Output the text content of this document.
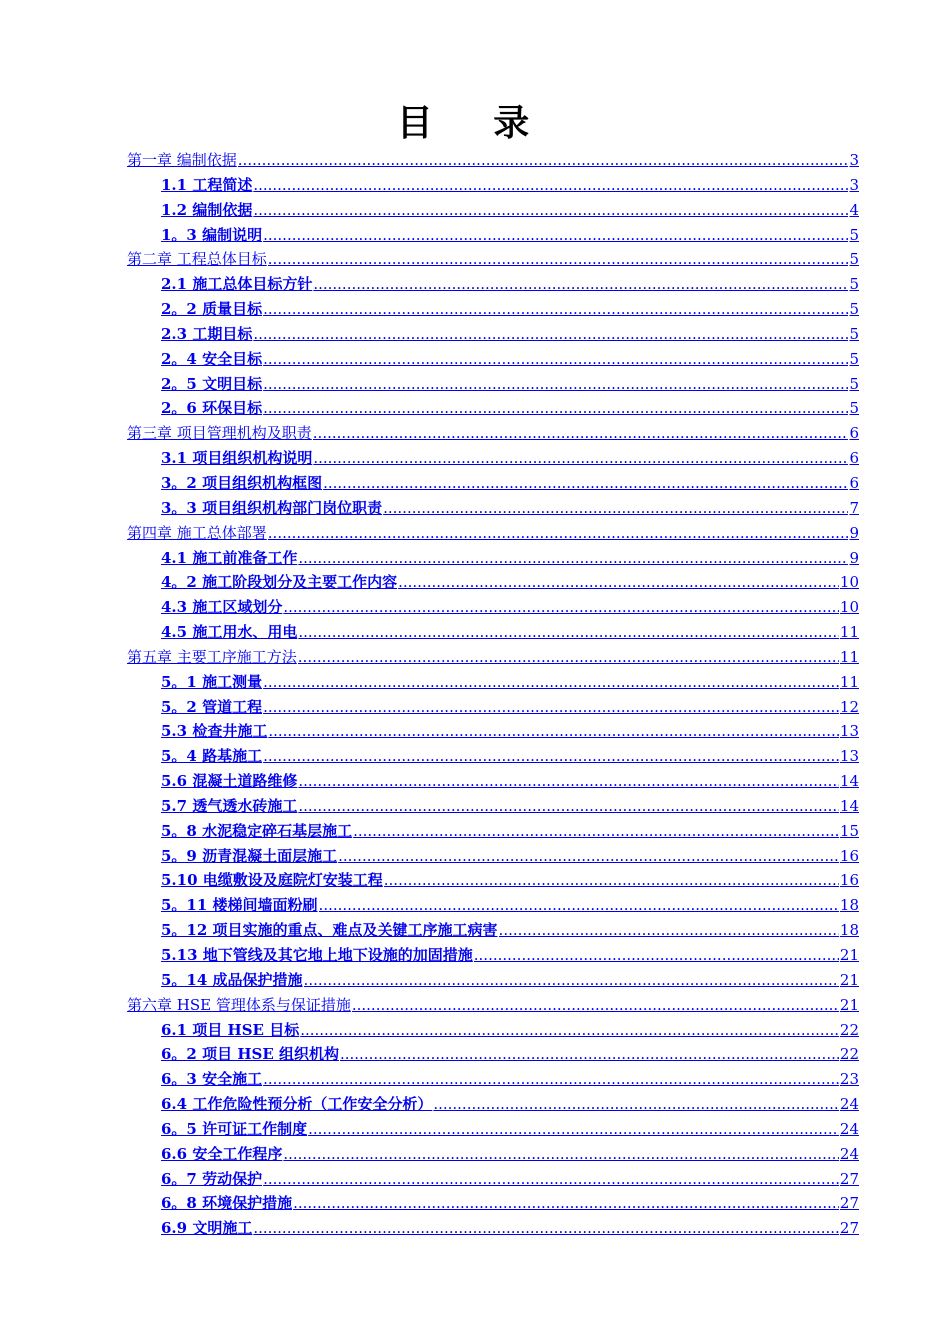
目 录
第一章 编制依据 .....	3
1.1 工程简述 .....	3
1.2 编制依据 .....	4
1。3 编制说明 .....	5
第二章 工程总体目标 .....	5
2.1 施工总体目标方针 .....	5
2。2 质量目标 .....	5
2.3 工期目标 .....	5
2。4 安全目标 .....	5
2。5 文明目标 .....	5
2。6 环保目标 .....	5
第三章 项目管理机构及职责 .....	6
3.1 项目组织机构说明 .....	6
3。2 项目组织机构框图 .....	6
3。3 项目组织机构部门岗位职责 .....	7
第四章 施工总体部署 .....	9
4.1 施工前准备工作 .....	9
4。2 施工阶段划分及主要工作内容 .....	10
4.3 施工区域划分 .....	10
4.5 施工用水、用电 .....	11
第五章 主要工序施工方法 .....	11
5。1 施工测量 .....	11
5。2 管道工程 .....	12
5.3 检查井施工 .....	13
5。4 路基施工 .....	13
5.6 混凝土道路维修 .....	14
5.7 透气透水砖施工 .....	14
5。8 水泥稳定碎石基层施工 .....	15
5。9 沥青混凝土面层施工 .....	16
5.10 电缆敷设及庭院灯安装工程 .....	16
5。11 楼梯间墙面粉刷 .....	18
5。12 项目实施的重点、难点及关键工序施工病害 .....	18
5.13 地下管线及其它地上地下设施的加固措施 .....	21
5。14 成品保护措施 .....	21
第六章 HSE 管理体系与保证措施 .....	21
6.1 项目 HSE 目标 .....	22
6。2 项目 HSE 组织机构 .....	22
6。3 安全施工 .....	23
6.4 工作危险性预分析（工作安全分析） .....	24
6。5 许可证工作制度 .....	24
6.6 安全工作程序 .....	24
6。7 劳动保护 .....	27
6。8 环境保护措施 .....	27
6.9 文明施工 .....	27
